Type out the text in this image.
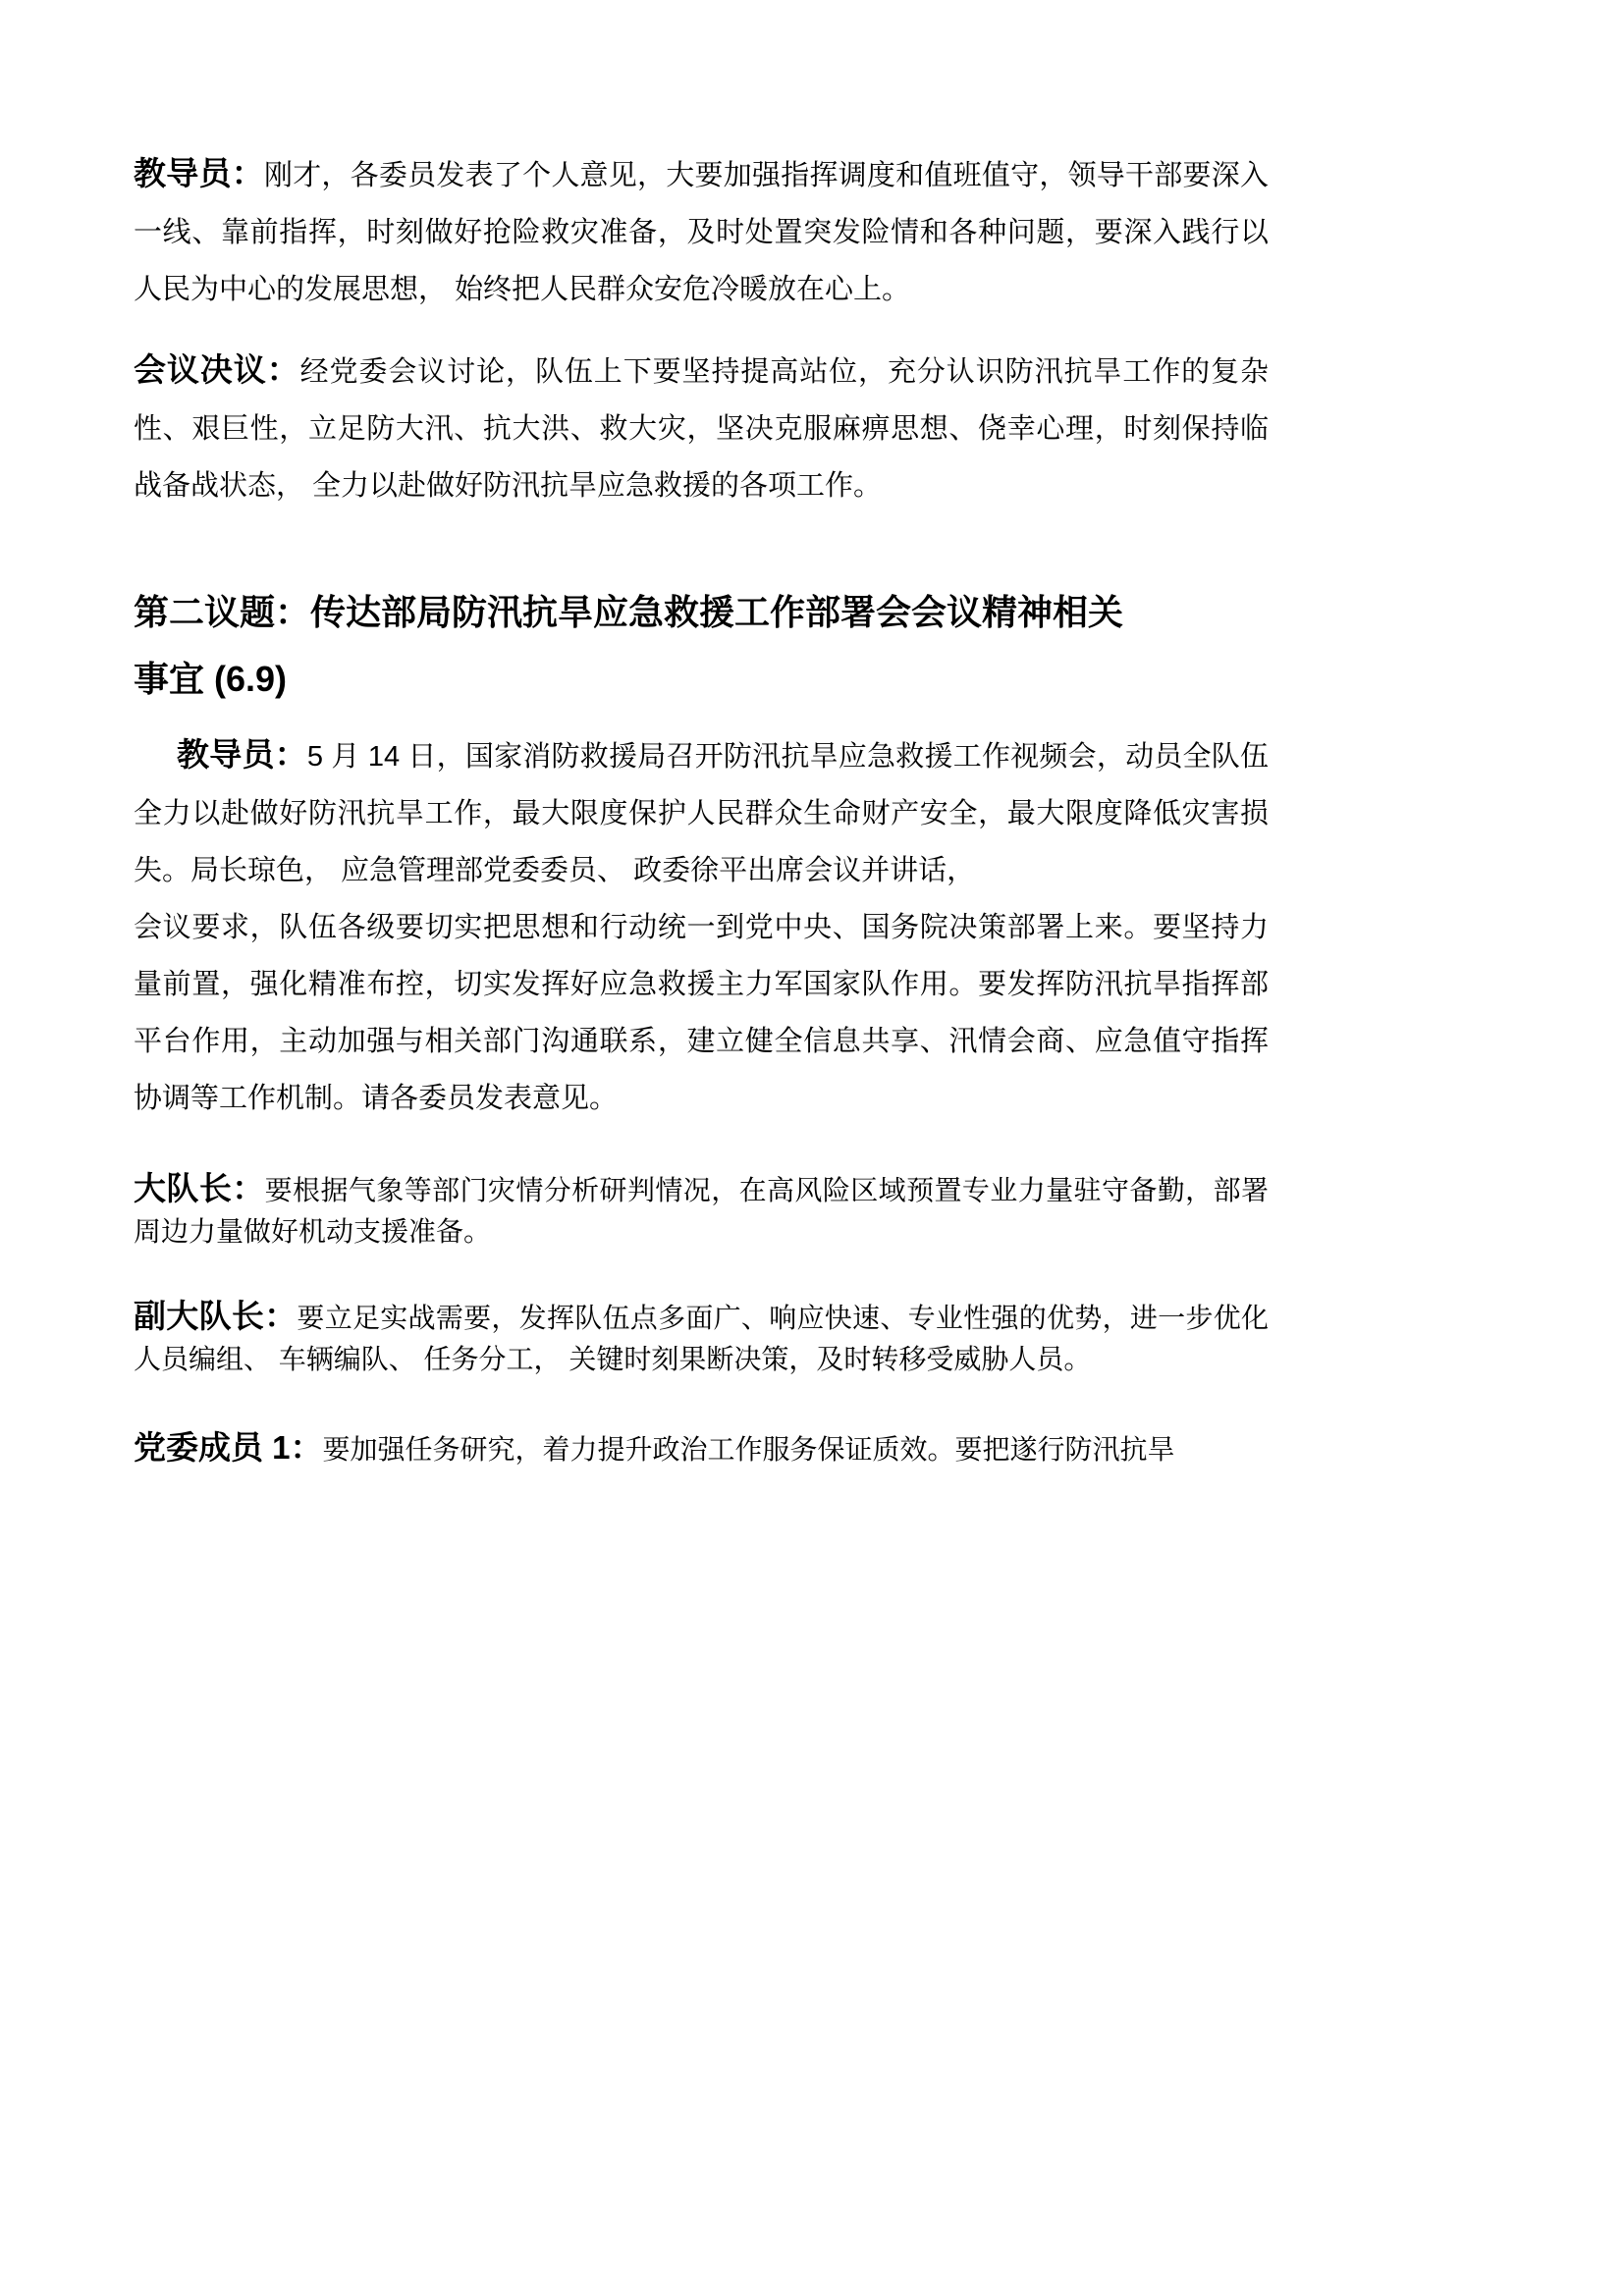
教导员：刚才，各委员发表了个人意见，大要加强指挥调度和值班值守，领导干部要深入一线、靠前指挥，时刻做好抢险救灾准备，及时处置突发险情和各种问题，要深入践行以人民为中心的发展思想， 始终把人民群众安危冷暖放在心上。

会议决议：经党委会议讨论，队伍上下要坚持提高站位，充分认识防汛抗旱工作的复杂性、艰巨性，立足防大汛、抗大洪、救大灾，坚决克服麻痹思想、侥幸心理，时刻保持临战备战状态， 全力以赴做好防汛抗旱应急救援的各项工作。

第二议题：传达部局防汛抗旱应急救援工作部署会会议精神相关事宜 (6.9)

教导员：5 月 14 日，国家消防救援局召开防汛抗旱应急救援工作视频会，动员全队伍全力以赴做好防汛抗旱工作，最大限度保护人民群众生命财产安全，最大限度降低灾害损失。局长琼色， 应急管理部党委委员、 政委徐平出席会议并讲话，
会议要求，队伍各级要切实把思想和行动统一到党中央、国务院决策部署上来。要坚持力量前置，强化精准布控，切实发挥好应急救援主力军国家队作用。要发挥防汛抗旱指挥部平台作用，主动加强与相关部门沟通联系，建立健全信息共享、汛情会商、应急值守指挥协调等工作机制。请各委员发表意见。

大队长：要根据气象等部门灾情分析研判情况，在高风险区域预置专业力量驻守备勤，部署周边力量做好机动支援准备。

副大队长：要立足实战需要，发挥队伍点多面广、响应快速、专业性强的优势，进一步优化人员编组、 车辆编队、 任务分工， 关键时刻果断决策，及时转移受威胁人员。

党委成员 1：要加强任务研究，着力提升政治工作服务保证质效。要把遂行防汛抗旱
